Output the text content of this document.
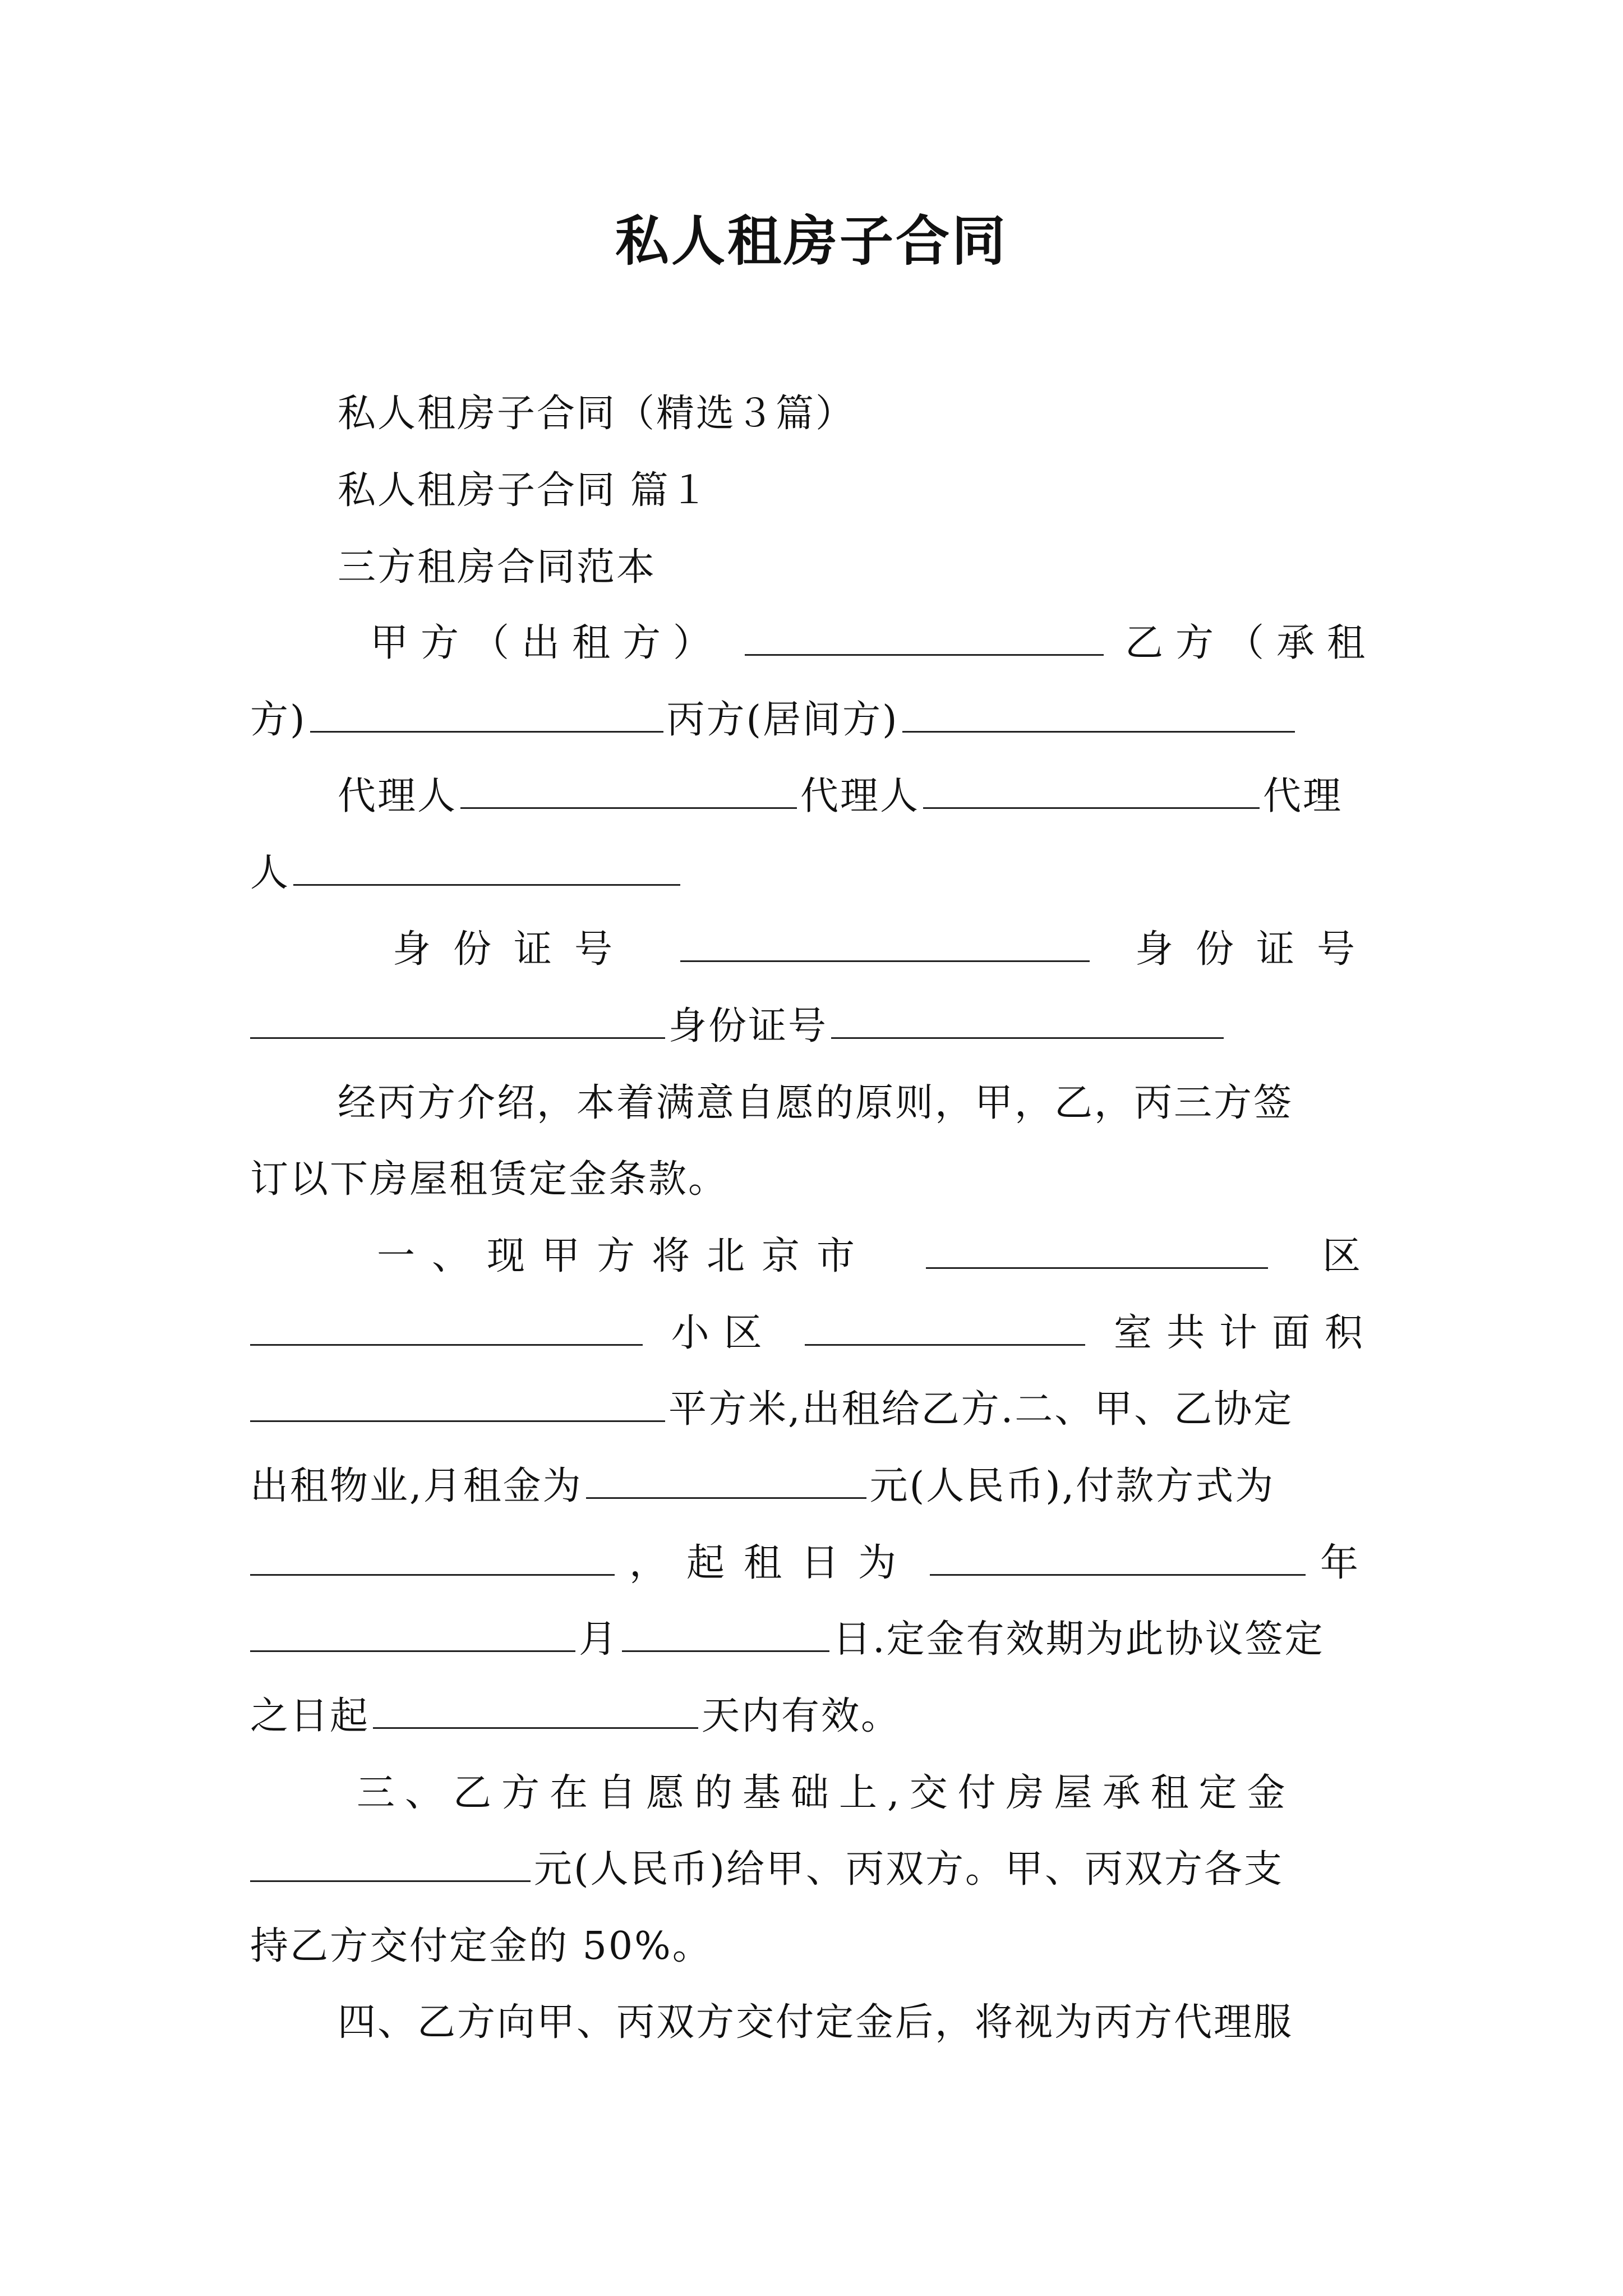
私人租房子合同
私人租房子合同（精选３篇）
私人租房子合同 篇１
三方租房合同范本
甲方（出租方）	乙方（承租
方)	丙方(居间方)
代理人	代理人	代理
人
身份证号	身份证号
身份证号
经丙方介绍，本着满意自愿的原则，甲，乙，丙三方签
订以下房屋租赁定金条款。
一、现甲方将北京市	区
小区	室共计面积
平方米,出租给乙方.二、甲、乙协定
出租物业,月租金为	元(人民币),付款方式为
，起租日为	年
月	日.定金有效期为此协议签定
之日起	天内有效。
三、乙方在自愿的基础上,交付房屋承租定金
元(人民币)给甲、丙双方。甲、丙双方各支
持乙方交付定金的 50%。
四、乙方向甲、丙双方交付定金后，将视为丙方代理服
